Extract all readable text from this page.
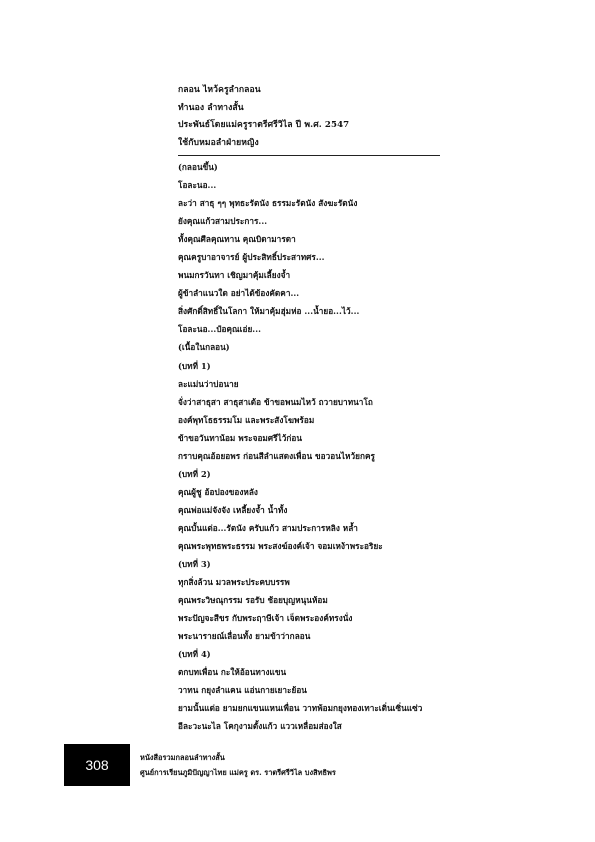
กลอน ไหว้ครูลำกลอน
ทำนอง ลำทางสั้น
ประพันธ์โดยแม่ครูราตรีศรีวิไล ปี พ.ศ. 2547
ใช้กับหมอลำฝ่ายหญิง
(กลอนขึ้น)
โอละนอ...
ละว่า สาธุ ๆๆ พุทธะรัตนัง ธรรมะรัตนัง สังฆะรัตนัง
ยังคุณแก้วสามประการ...
ทั้งคุณศีลคุณทาน คุณบิดามารดา
คุณครูบาอาจารย์ ผู้ประสิทธิ์ประสาทศร...
พนมกรวันทา เชิญมาคุ้มเลี้ยงจ้ำ
ผู้ข้าลำแนวใด อย่าได้ข้องคัดคา...
สิ่งศักดิ์สิทธิ์ในโลกา ให้มาคุ้มฮุ่มห่อ ...น้ำยอ...ไว้...
โอละนอ...ป๋อคุณเอ่ย...
(เนื้อในกลอน)
(บทที่ 1)
ละแม่นว่าบ่อนาย
จั่งว่าสาธุสา สาธุสาเด้อ ข้าขอพนมไหว้ ถวายบาทนาโถ
องค์พุทโธธรรมโม และพระสังโฆพร้อม
ข้าขอวันทาน้อม พระจอมศรีไว้ก่อน
กราบคุณอ้อยอพร ก่อนสีลำแสดงเพื่อน ขอวอนไหว้ยกครู
(บทที่ 2)
คุณผู้ชู อ้อปองของหลัง
คุณพ่อแม่จังจัง เหลี้ยงจ้ำ น้ำทั้ง
คุณบั้นแต่อ...รัตนัง ครับแก้ว สามประการหลิง หล้ำ
คุณพระพุทธพระธรรม พระสงฆ์องค์เจ้า จอมเหง้าพระอริยะ
(บทที่ 3)
ทุกสิ่งล้วน มวลพระประคบบรรพ
คุณพระวิษณุกรรม รอรับ ช้อยบุญหนุนห้อม
พระปัญจะสีขร กับพระฤาษีเจ้า เจ็ดพระองค์ทรงนั่ง
พระนารายณ์เลื่อนทั้ง ยามข้าว่ากลอน
(บทที่ 4)
ตกบทเพื่อน กะให้อ้อนทางแขน
วาทน กยุงลำแคน แอ่นกายเยาะย้อน
ยามนั้นแด่อ ยามยกแขนแหนเพื่อน วาทพ้อมกยุงทองเทาะเติ่นเซิ่นแซ่ว
อีละวะนะไล โคกุงามตั้งแก้ว แววเหลื่อมส่องใส
308	หนังสือรวมกลอนลำทางสั้น
ศูนย์การเรียนภูมิปัญญาไทย แม่ครู ดร. ราตรีศรีวิไล บงสิทธิพร
